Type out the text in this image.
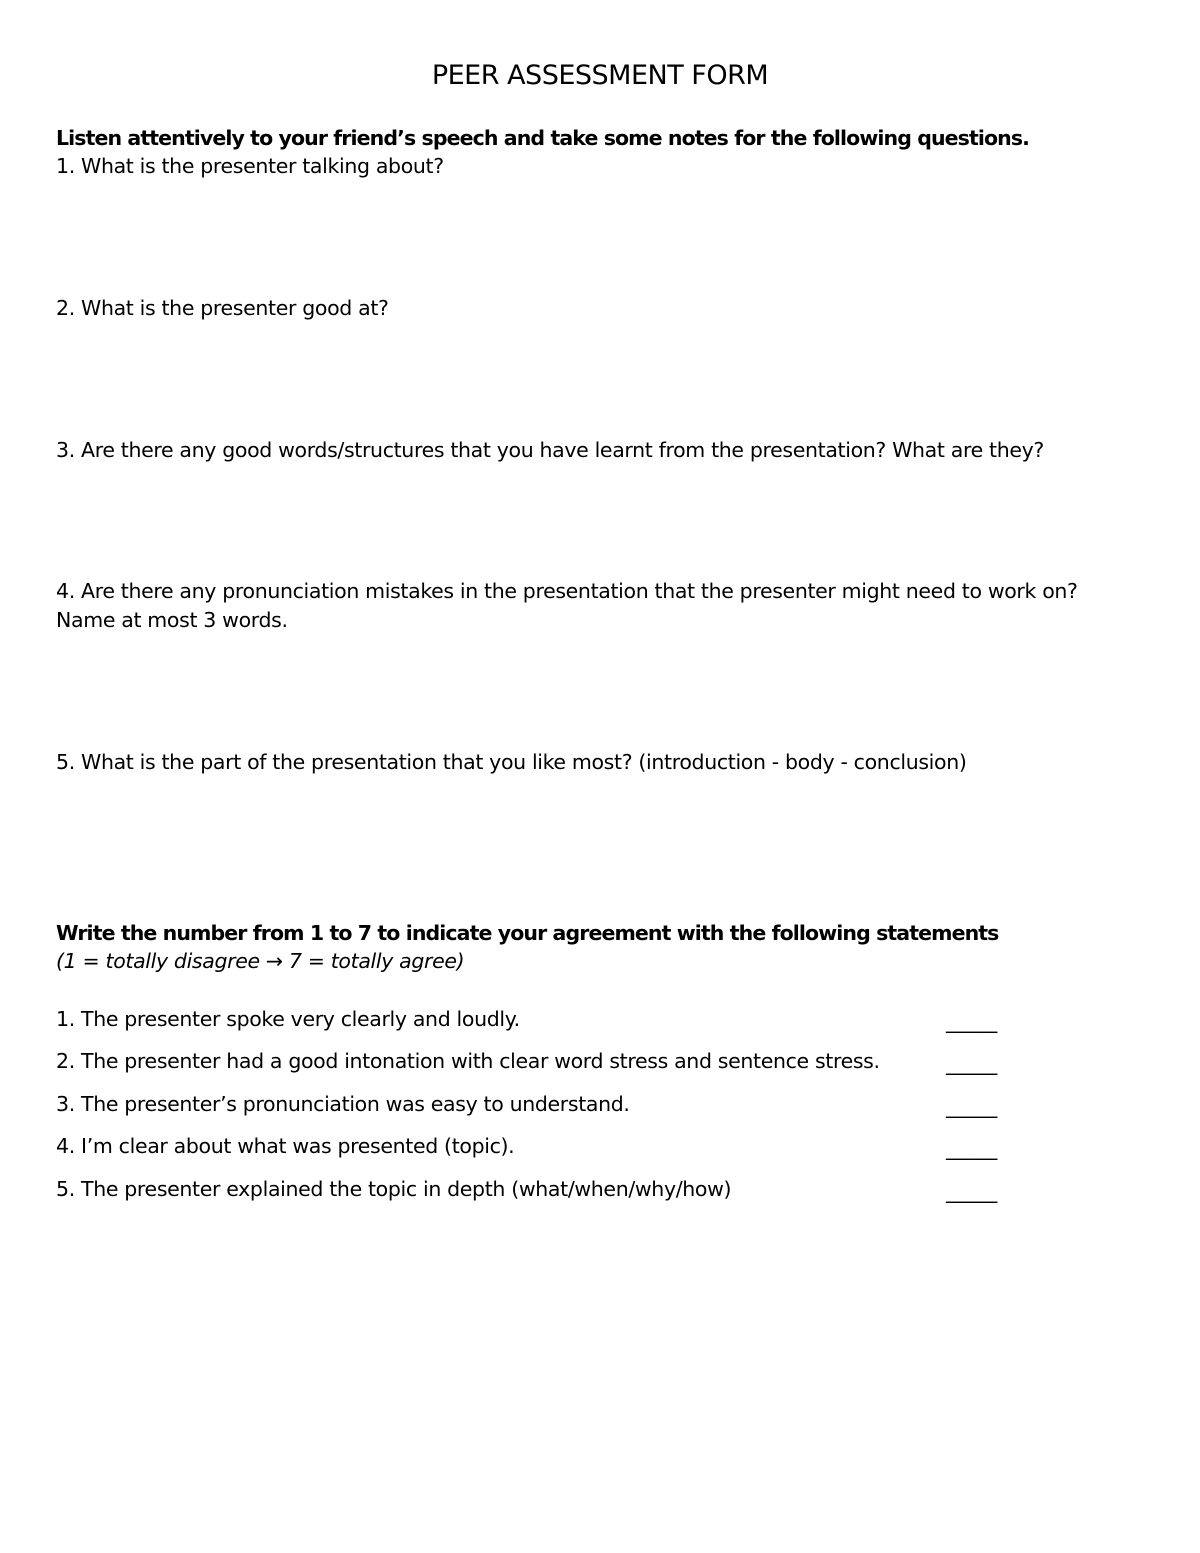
PEER ASSESSMENT FORM
Listen attentively to your friend’s speech and take some notes for the following questions.
1. What is the presenter talking about?
2. What is the presenter good at?
3. Are there any good words/structures that you have learnt from the presentation? What are they?
4. Are there any pronunciation mistakes in the presentation that the presenter might need to work on?
Name at most 3 words.
5. What is the part of the presentation that you like most? (introduction - body - conclusion)
Write the number from 1 to 7 to indicate your agreement with the following statements
(1 = totally disagree → 7 = totally agree)
1. The presenter spoke very clearly and loudly.	_____
2. The presenter had a good intonation with clear word stress and sentence stress.	_____
3. The presenter’s pronunciation was easy to understand.	_____
4. I’m clear about what was presented (topic).	_____
5. The presenter explained the topic in depth (what/when/why/how)	_____
